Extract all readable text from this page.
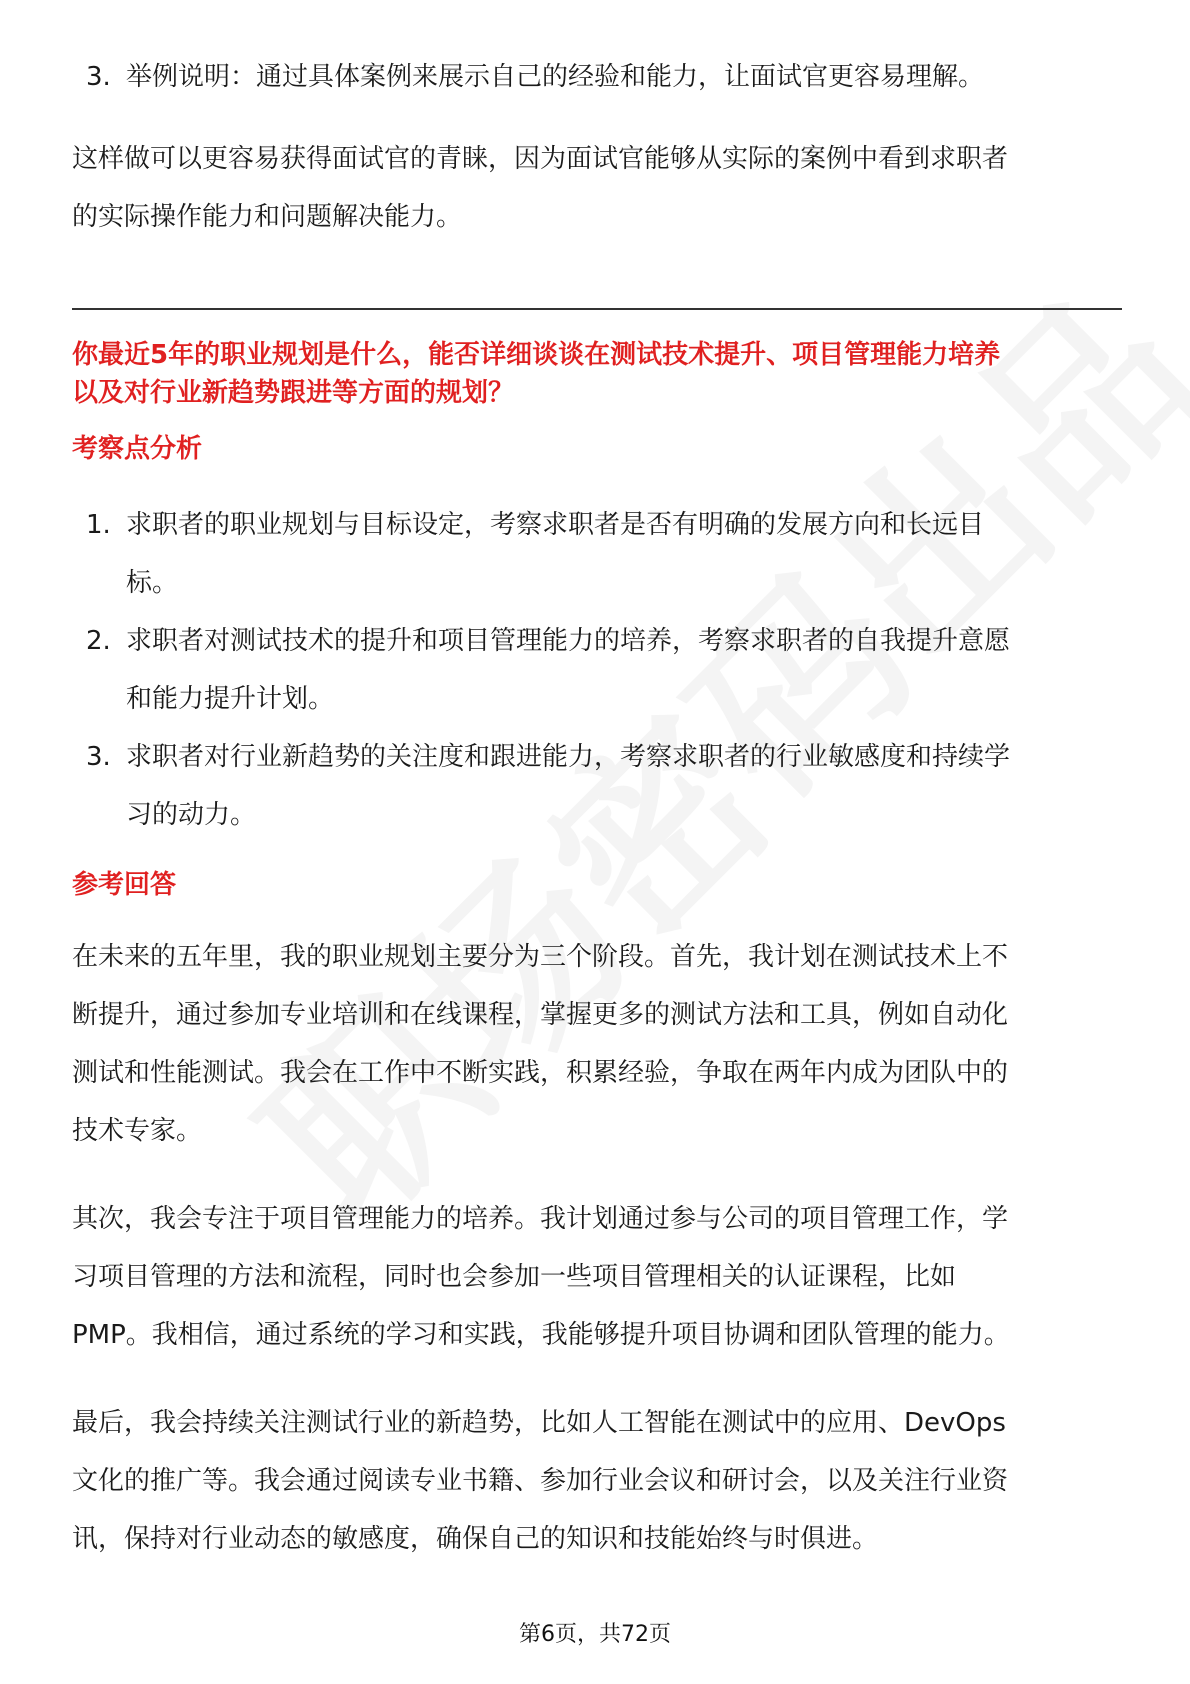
3. 举例说明：通过具体案例来展示自己的经验和能力，让面试官更容易理解。
这样做可以更容易获得面试官的青睐，因为面试官能够从实际的案例中看到求职者
的实际操作能力和问题解决能力。
你最近5年的职业规划是什么，能否详细谈谈在测试技术提升、项目管理能力培养
以及对行业新趋势跟进等方面的规划？
考察点分析
1. 求职者的职业规划与目标设定，考察求职者是否有明确的发展方向和长远目
标。
2. 求职者对测试技术的提升和项目管理能力的培养，考察求职者的自我提升意愿
和能力提升计划。
3. 求职者对行业新趋势的关注度和跟进能力，考察求职者的行业敏感度和持续学
习的动力。
参考回答
在未来的五年里，我的职业规划主要分为三个阶段。首先，我计划在测试技术上不
断提升，通过参加专业培训和在线课程，掌握更多的测试方法和工具，例如自动化
测试和性能测试。我会在工作中不断实践，积累经验，争取在两年内成为团队中的
技术专家。
其次，我会专注于项目管理能力的培养。我计划通过参与公司的项目管理工作，学
习项目管理的方法和流程，同时也会参加一些项目管理相关的认证课程，比如
PMP。我相信，通过系统的学习和实践，我能够提升项目协调和团队管理的能力。
最后，我会持续关注测试行业的新趋势，比如人工智能在测试中的应用、DevOps
文化的推广等。我会通过阅读专业书籍、参加行业会议和研讨会，以及关注行业资
讯，保持对行业动态的敏感度，确保自己的知识和技能始终与时俱进。
第6页，共72页
